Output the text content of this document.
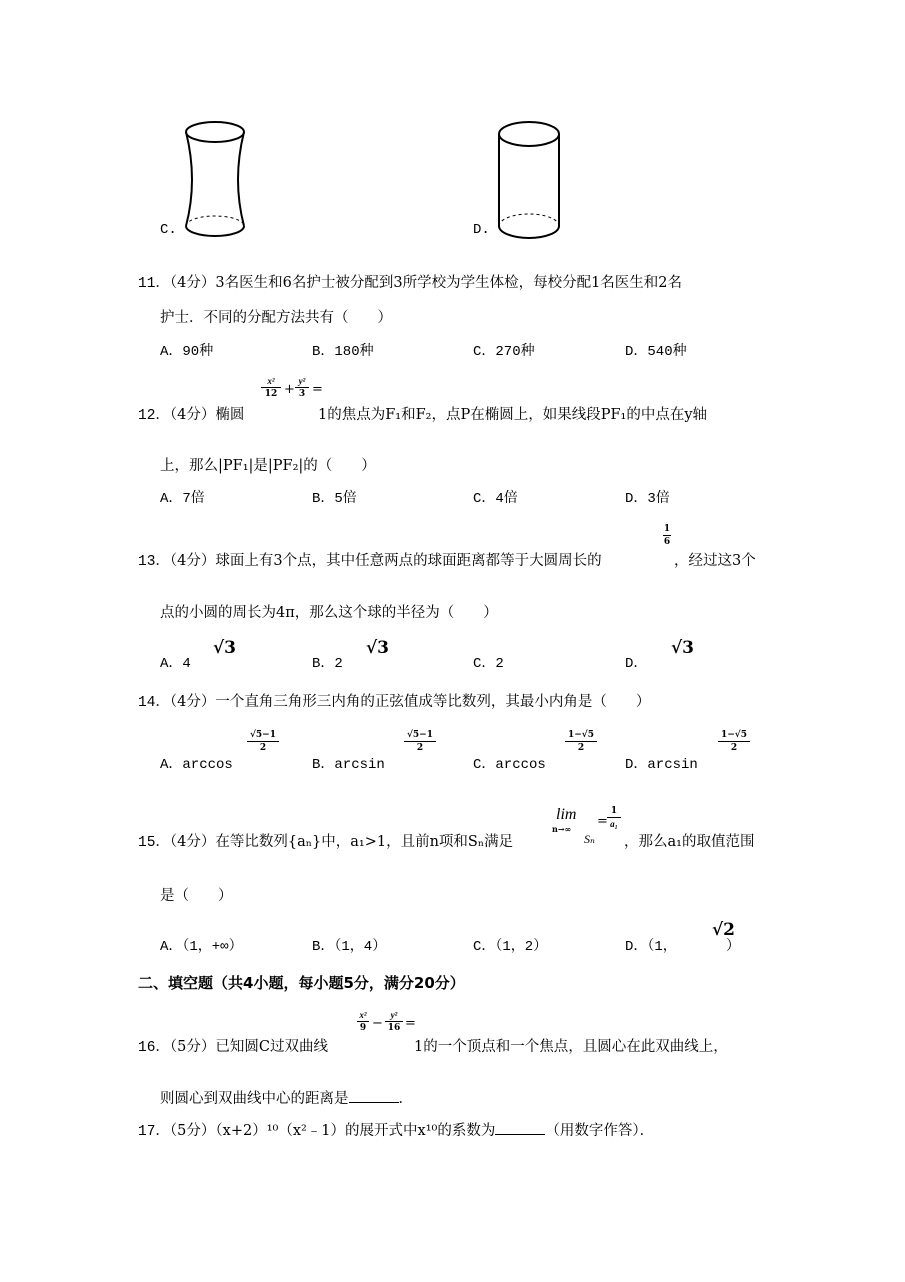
C.	D.
11．（4分）3名医生和6名护士被分配到3所学校为学生体检，每校分配1名医生和2名
护士．不同的分配方法共有（　　）
A．90种	B．180种	C．270种	D．540种
12．（4分）椭圆
x²
12 +
y²
3 =
1的焦点为F₁和F₂，点P在椭圆上，如果线段PF₁的中点在y轴
上，那么|PF₁|是|PF₂|的（　　）
A．7倍	B．5倍	C．4倍	D．3倍
13．（4分）球面上有3个点，其中任意两点的球面距离都等于大圆周长的
1
6
，经过这3个
点的小圆的周长为4π，那么这个球的半径为（　　）
A．4
√3
B．2
√3
C．2	D．
√3
14．（4分）一个直角三角形三内角的正弦值成等比数列，其最小内角是（　　）
A．arccos
√5−1
2
B．arcsin
√5−1
2
C．arccos
1−√5
2
D．arcsin
1−√5
2
15．（4分）在等比数列{aₙ}中，a₁>1，且前n项和Sₙ满足
lim
n→∞
Sₙ
=
1
a₁
，那么a₁的取值范围
是（　　）
A．（1，+∞）	B．（1，4）	C．（1，2）	D．（1，
√2
）
二、填空题（共4小题，每小题5分，满分20分）
16．（5分）已知圆C过双曲线
x²
9 −
y²
16 =
1的一个顶点和一个焦点，且圆心在此双曲线上，
则圆心到双曲线中心的距离是	．
17．（5分）（x+2）¹⁰（x²﹣1）的展开式中x¹⁰的系数为	（用数字作答）．
